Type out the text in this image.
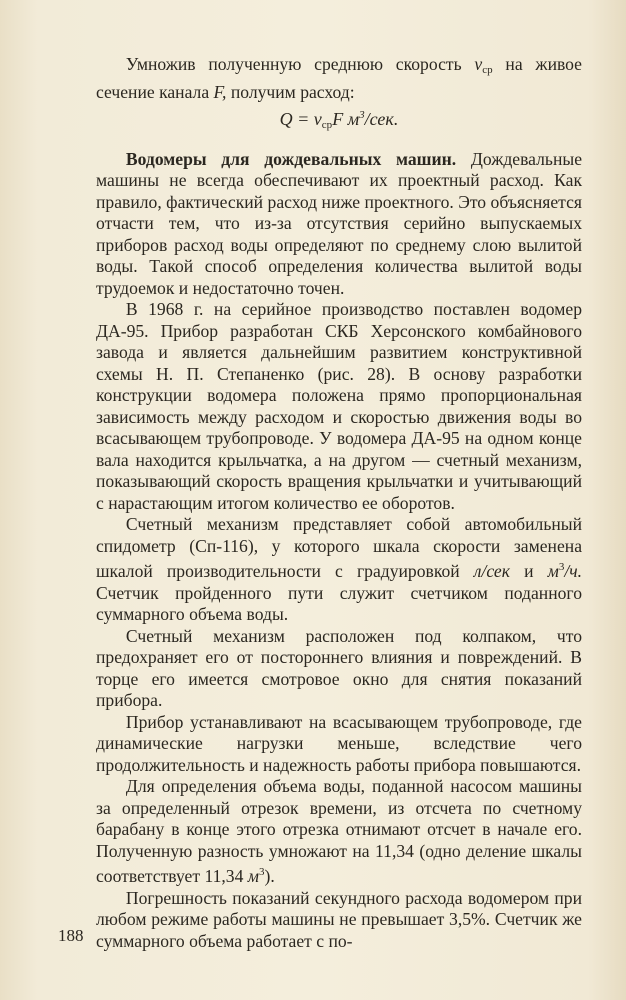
Умножив полученную среднюю скорость $v_{ср}$ на живое сечение канала F, получим расход:

$Q = v_{ср}F$ $м^3$/сек.

Водомеры для дождевальных машин. Дождевальные машины не всегда обеспечивают их проектный расход. Как правило, фактический расход ниже проектного. Это объясняется отчасти тем, что из-за отсутствия серийно выпускаемых приборов расход воды определяют по среднему слою вылитой воды. Такой способ определения количества вылитой воды трудоемок и недостаточно точен.

В 1968 г. на серийное производство поставлен водомер ДА-95. Прибор разработан СКБ Херсонского комбайнового завода и является дальнейшим развитием конструктивной схемы Н. П. Степаненко (рис. 28). В основу разработки конструкции водомера положена прямо пропорциональная зависимость между расходом и скоростью движения воды во всасывающем трубопроводе. У водомера ДА-95 на одном конце вала находится крыльчатка, а на другом — счетный механизм, показывающий скорость вращения крыльчатки и учитывающий с нарастающим итогом количество ее оборотов.

Счетный механизм представляет собой автомобильный спидометр (Сп-116), у которого шкала скорости заменена шкалой производительности с градуировкой л/сек и $м^3/ч$. Счетчик пройденного пути служит счетчиком поданного суммарного объема воды.

Счетный механизм расположен под колпаком, что предохраняет его от постороннего влияния и повреждений. В торце его имеется смотровое окно для снятия показаний прибора.

Прибор устанавливают на всасывающем трубопроводе, где динамические нагрузки меньше, вследствие чего продолжительность и надежность работы прибора повышаются.

Для определения объема воды, поданной насосом машины за определенный отрезок времени, из отсчета по счетному барабану в конце этого отрезка отнимают отсчет в начале его. Полученную разность умножают на 11,34 (одно деление шкалы соответствует 11,34 $м^3$).

Погрешность показаний секундного расхода водомером при любом режиме работы машины не превышает 3,5%. Счетчик же суммарного объема работает с по-

188
